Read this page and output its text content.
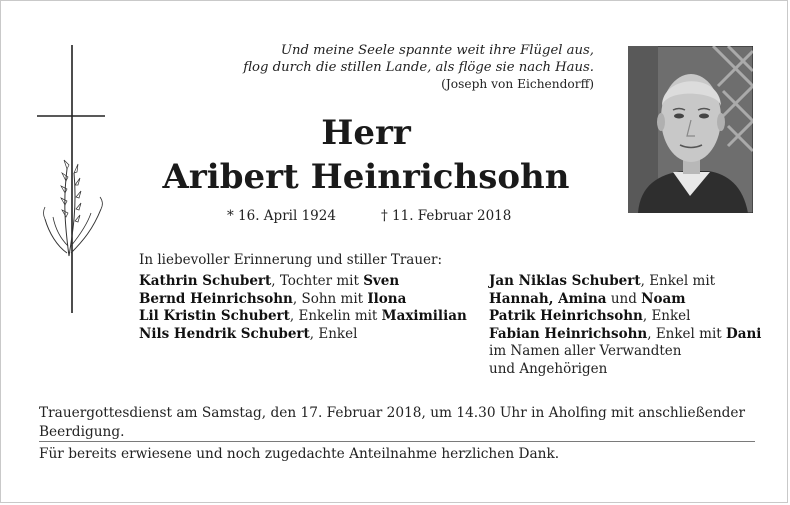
Und meine Seele spannte weit ihre Flügel aus,
flog durch die stillen Lande, als flöge sie nach Haus.
(Joseph von Eichendorff)
Herr
Aribert Heinrichsohn
* 16. April 1924	† 11. Februar 2018
In liebevoller Erinnerung und stiller Trauer:
Kathrin Schubert, Tochter mit Sven
Bernd Heinrichsohn, Sohn mit Ilona
Lil Kristin Schubert, Enkelin mit Maximilian
Nils Hendrik Schubert, Enkel
Jan Niklas Schubert, Enkel mit
Hannah, Amina und Noam
Patrik Heinrichsohn, Enkel
Fabian Heinrichsohn, Enkel mit Dani
im Namen aller Verwandten
und Angehörigen
Trauergottesdienst am Samstag, den 17. Februar 2018, um 14.30 Uhr in Aholfing mit anschließender Beerdigung.
Für bereits erwiesene und noch zugedachte Anteilnahme herzlichen Dank.
